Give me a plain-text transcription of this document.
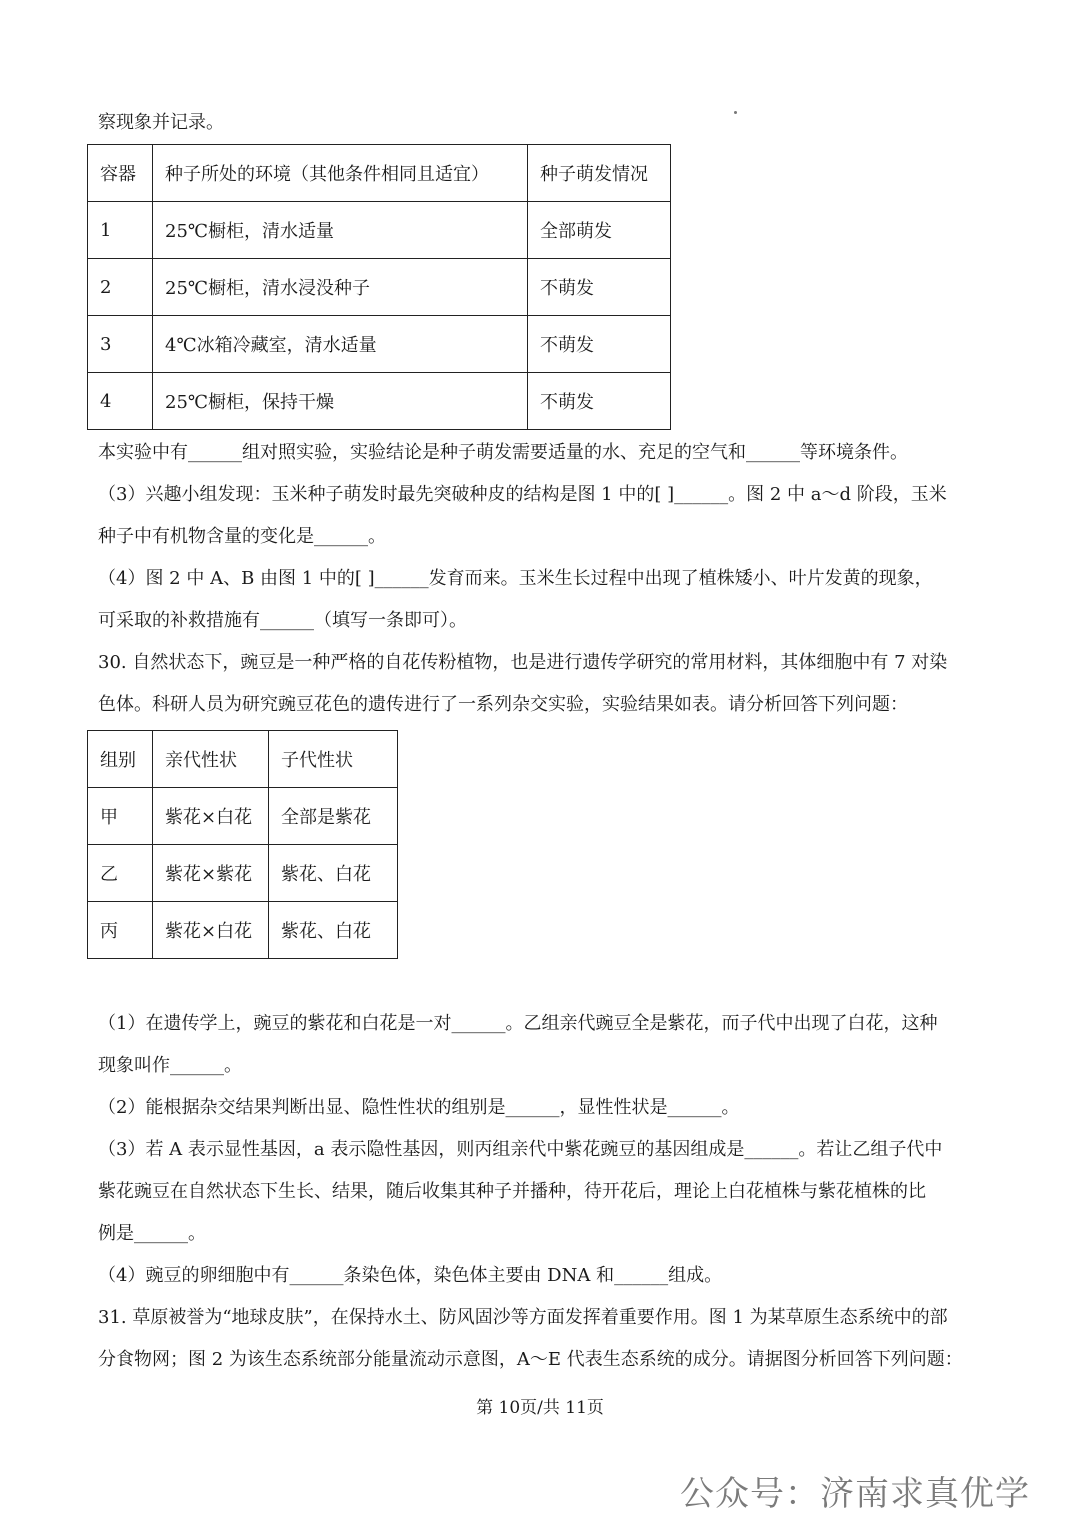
察现象并记录。
容器	种子所处的环境（其他条件相同且适宜）	种子萌发情况
1	25℃橱柜，清水适量	全部萌发
2	25℃橱柜，清水浸没种子	不萌发
3	4℃冰箱冷藏室，清水适量	不萌发
4	25℃橱柜，保持干燥	不萌发
本实验中有______组对照实验，实验结论是种子萌发需要适量的水、充足的空气和______等环境条件。
（3）兴趣小组发现：玉米种子萌发时最先突破种皮的结构是图 1 中的[ ]______。图 2 中 a～d 阶段，玉米
种子中有机物含量的变化是______。
（4）图 2 中 A、B 由图 1 中的[ ]______发育而来。玉米生长过程中出现了植株矮小、叶片发黄的现象，
可采取的补救措施有______（填写一条即可）。
30. 自然状态下，豌豆是一种严格的自花传粉植物，也是进行遗传学研究的常用材料，其体细胞中有 7 对染
色体。科研人员为研究豌豆花色的遗传进行了一系列杂交实验，实验结果如表。请分析回答下列问题：
组别	亲代性状	子代性状
甲	紫花×白花	全部是紫花
乙	紫花×紫花	紫花、白花
丙	紫花×白花	紫花、白花
（1）在遗传学上，豌豆的紫花和白花是一对______。乙组亲代豌豆全是紫花，而子代中出现了白花，这种
现象叫作______。
（2）能根据杂交结果判断出显、隐性性状的组别是______，显性性状是______。
（3）若 A 表示显性基因，a 表示隐性基因，则丙组亲代中紫花豌豆的基因组成是______。若让乙组子代中
紫花豌豆在自然状态下生长、结果，随后收集其种子并播种，待开花后，理论上白花植株与紫花植株的比
例是______。
（4）豌豆的卵细胞中有______条染色体，染色体主要由 DNA 和______组成。
31. 草原被誉为“地球皮肤”，在保持水土、防风固沙等方面发挥着重要作用。图 1 为某草原生态系统中的部
分食物网；图 2 为该生态系统部分能量流动示意图，A～E 代表生态系统的成分。请据图分析回答下列问题：
第 10页/共 11页
公众号：济南求真优学
